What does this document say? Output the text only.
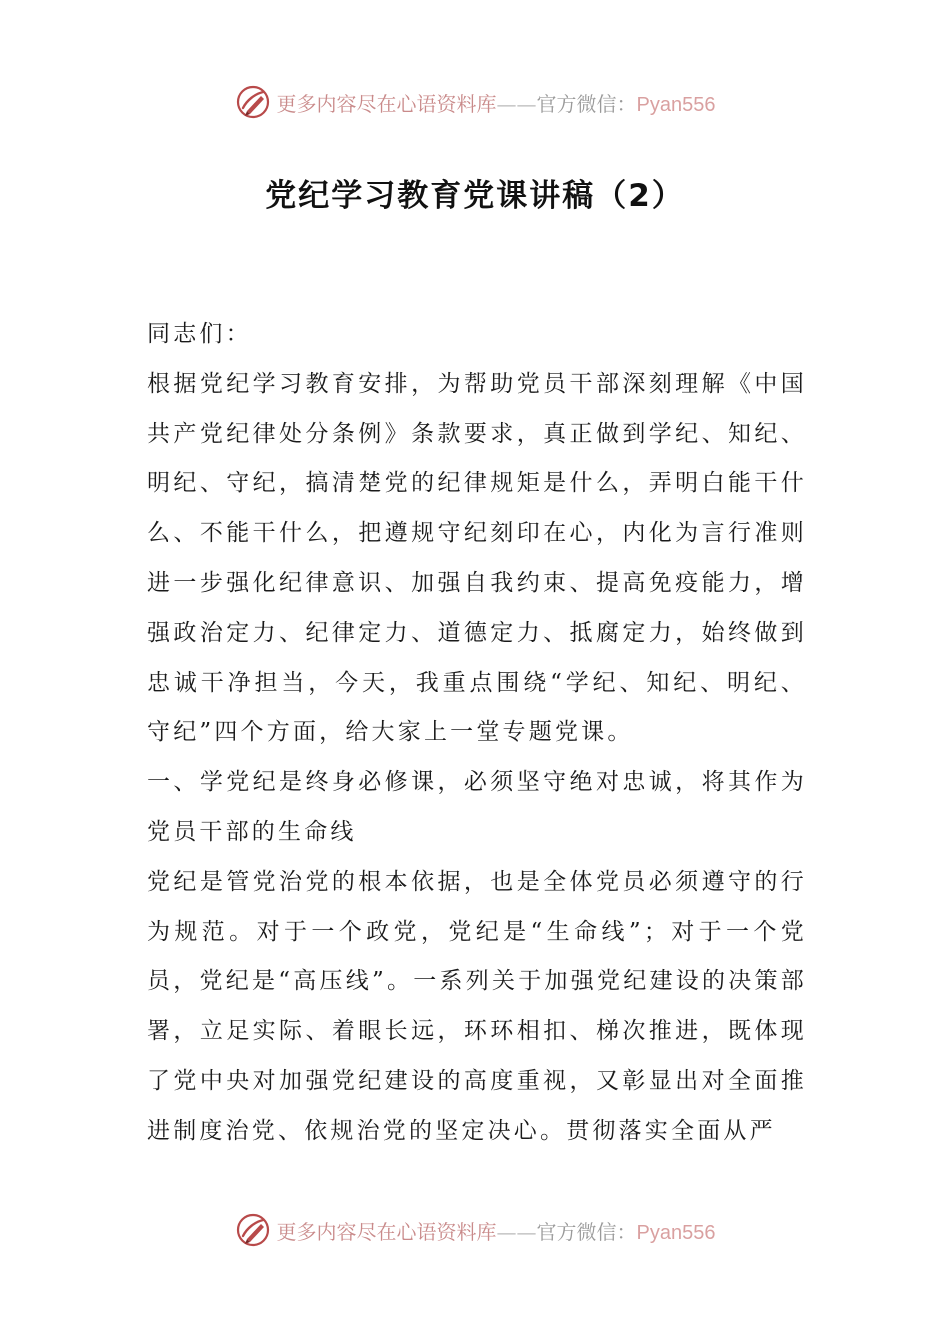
更多内容尽在心语资料库——官方微信：Pyan556
党纪学习教育党课讲稿（2）

同志们：

根据党纪学习教育安排，为帮助党员干部深刻理解《中国共产党纪律处分条例》条款要求，真正做到学纪、知纪、明纪、守纪，搞清楚党的纪律规矩是什么，弄明白能干什么、不能干什么，把遵规守纪刻印在心，内化为言行准则进一步强化纪律意识、加强自我约束、提高免疫能力，增强政治定力、纪律定力、道德定力、抵腐定力，始终做到忠诚干净担当，今天，我重点围绕“学纪、知纪、明纪、守纪”四个方面，给大家上一堂专题党课。

一、学党纪是终身必修课，必须坚守绝对忠诚，将其作为党员干部的生命线

党纪是管党治党的根本依据，也是全体党员必须遵守的行为规范。对于一个政党，党纪是“生命线”；对于一个党员，党纪是“高压线”。一系列关于加强党纪建设的决策部署，立足实际、着眼长远，环环相扣、梯次推进，既体现了党中央对加强党纪建设的高度重视，又彰显出对全面推进制度治党、依规治党的坚定决心。贯彻落实全面从严

更多内容尽在心语资料库——官方微信：Pyan556
